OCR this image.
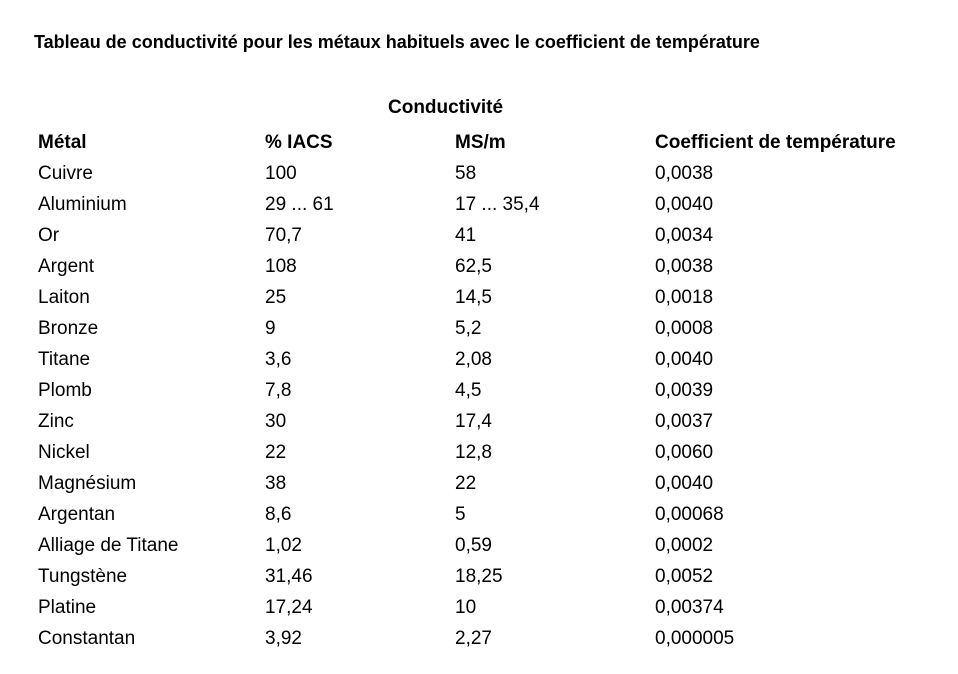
Tableau de conductivité pour les métaux habituels avec le coefficient de température
Conductivité
Métal	% IACS	MS/m	Coefficient de température
Cuivre	100	58	0,0038
Aluminium	29 ... 61	17 ... 35,4	0,0040
Or	70,7	41	0,0034
Argent	108	62,5	0,0038
Laiton	25	14,5	0,0018
Bronze	9	5,2	0,0008
Titane	3,6	2,08	0,0040
Plomb	7,8	4,5	0,0039
Zinc	30	17,4	0,0037
Nickel	22	12,8	0,0060
Magnésium	38	22	0,0040
Argentan	8,6	5	0,00068
Alliage de Titane	1,02	0,59	0,0002
Tungstène	31,46	18,25	0,0052
Platine	17,24	10	0,00374
Constantan	3,92	2,27	0,000005
